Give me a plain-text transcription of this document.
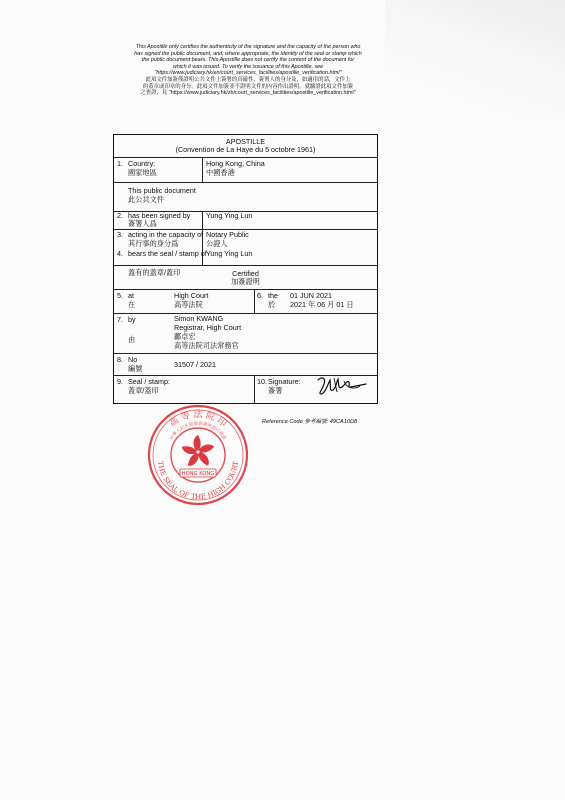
This Apostille only certifies the authenticity of the signature and the capacity of the person who
has signed the public document, and, where appropriate, the identity of the seal or stamp which
the public document bears. This Apostille does not certify the content of the document for
which it was issued. To verify the issuance of this Apostille, see
"https://www.judiciary.hk/en/court_services_facilities/apostille_verification.html"
此項文件加簽僅證明公共文件上簽署的真確性、簽署人的身分及，如適用的話，文件上
的蓋章或印章的身分。此項文件加簽並不證明文件的內容作出證明。就驗證此項文件加簽
之查證，見 "https://www.judiciary.hk/zh/court_services_facilities/apostille_verification.html"
APOSTILLE
(Convention de La Haye du 5 octobre 1961)
1. Country:
國家地區
Hong Kong, China
中國香港
This public document
此公共文件
2. has been signed by
簽署人爲
Yung Ying Lun
3. acting in the capacity of
其行事的身分爲
Notary Public
公證人
4. bears the seal / stamp of
蓋有的蓋章/蓋印
Yung Ying Lun
Certified
加簽證明
5. at
在
High Court
高等法院
6. the
於
01 JUN 2021
2021 年 06 月 01 日
7. by
由
Simon KWANG
Registrar, High Court
鄺卓宏
高等法院司法常務官
8. No
編號	31507 / 2021
9. Seal / stamp:
蓋章/蓋印
10. Signature:
簽署
Reference Code 參考編號: 49CA10D8
高 等 法 院 印
THE SEAL OF THE HIGH COURT
中華人民共和國香港特別行政區
HONG KONG
